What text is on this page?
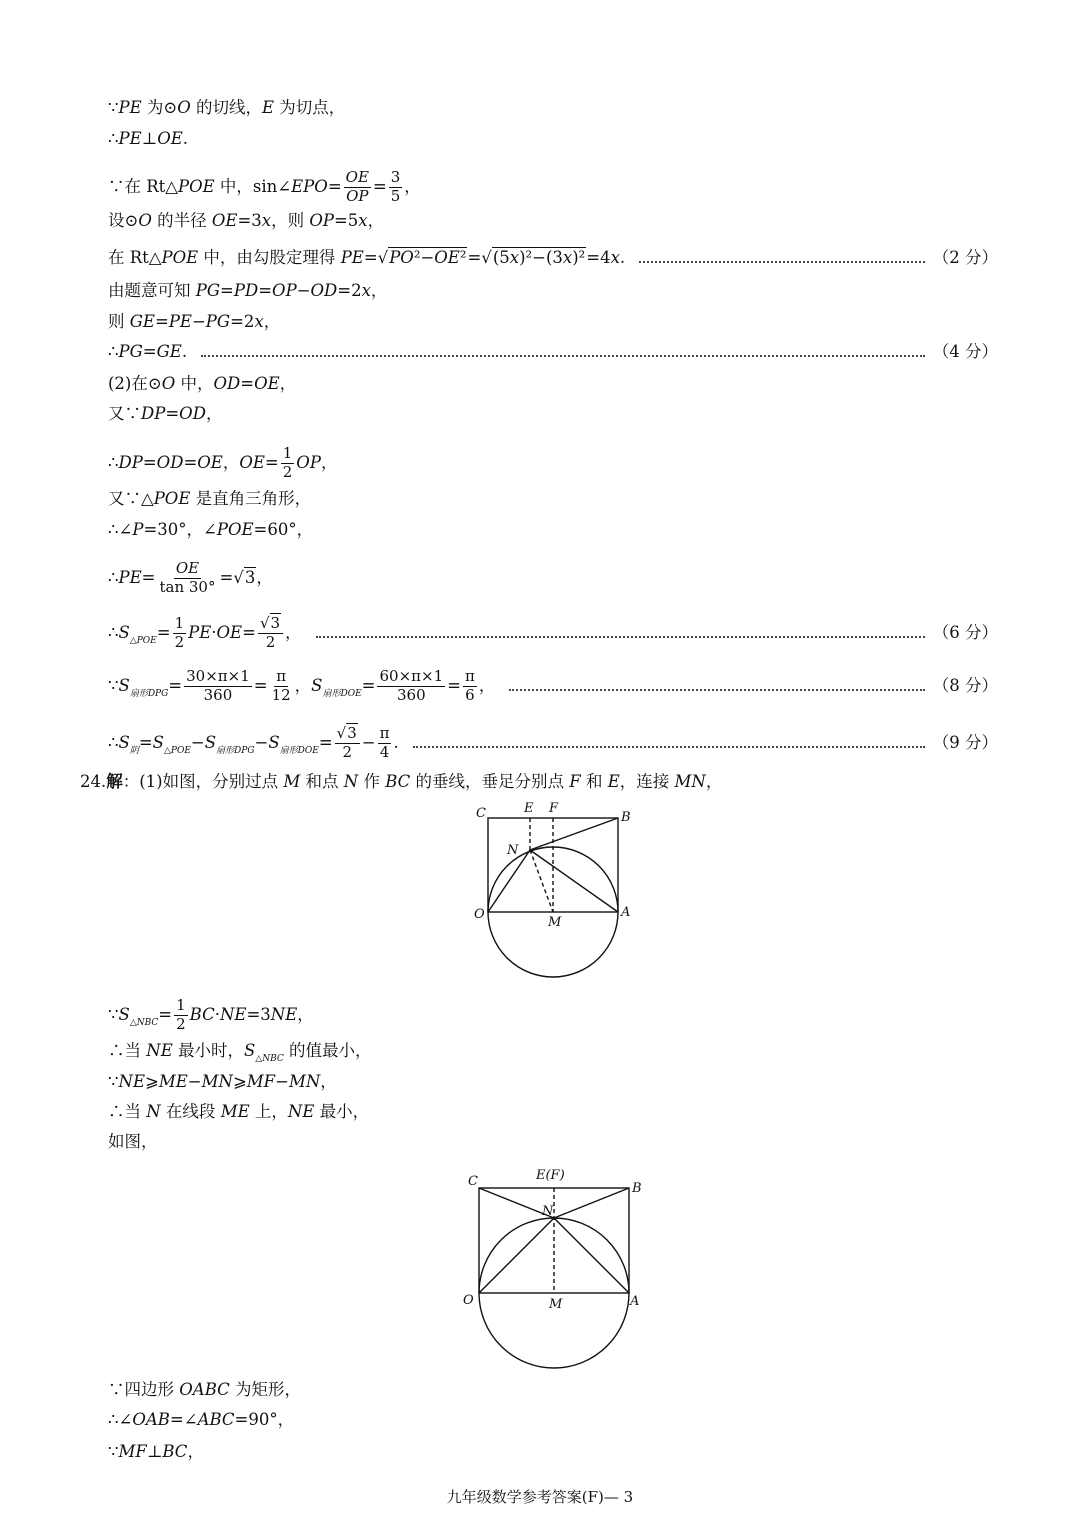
∵PE 为⊙O 的切线，E 为切点，
∴PE⊥OE.
∵在 Rt△POE 中，sin∠EPO= $\frac{OE}{OP} = \frac{3}{5}$ ，
设⊙O 的半径 OE=3x，则 OP=5x，
在 Rt△POE 中，由勾股定理得 PE=√PO²−OE²=√(5x)²−(3x)²=4x.	（2 分）
由题意可知 PG=PD=OP−OD=2x，
则 GE=PE−PG=2x，
∴PG=GE.	（4 分）
(2)在⊙O 中，OD=OE，
又∵DP=OD，
∴DP=OD=OE，$OE= \frac{1}{2}$ OP，
又∵△POE 是直角三角形，
∴∠P=30°，∠POE=60°，
∴PE= $\frac{OE}{\tan 30^\circ} =√3$，
$\therefore S_{\triangle POE}= \frac{1}{2} PE\cdot OE= \frac{√3}{2}$ ，	（6 分）
$\because S_{扇形DPG}= \frac{30\times\pi\times 1}{360} = \frac{\pi}{12}$ ，$S_{扇形DOE}= \frac{60\times\pi\times 1}{360} = \frac{\pi}{6}$ ，	（8 分）
$\therefore S_阴=S_{\triangle POE}-S_{扇形DPG}-S_{扇形DOE}= \frac{√3}{2} - \frac{\pi}{4}$ .	（9 分）
24.解：(1)如图，分别过点 M 和点 N 作 BC 的垂线，垂足分别点 F 和 E，连接 MN，
C	E F
B
N
O
M
A
$\because S_{\triangle NBC}= \frac{1}{2} BC\cdot NE=3NE$，
∴当 NE 最小时，$S_{\triangle NBC}$ 的值最小，
∵NE⩾ME−MN⩾MF−MN，
∴当 N 在线段 ME 上，NE 最小，
如图，
C	E(F)
B
N
O	M	A
∵四边形 OABC 为矩形，
∴∠OAB=∠ABC=90°，
∵MF⊥BC，
九年级数学参考答案(F)— 3
